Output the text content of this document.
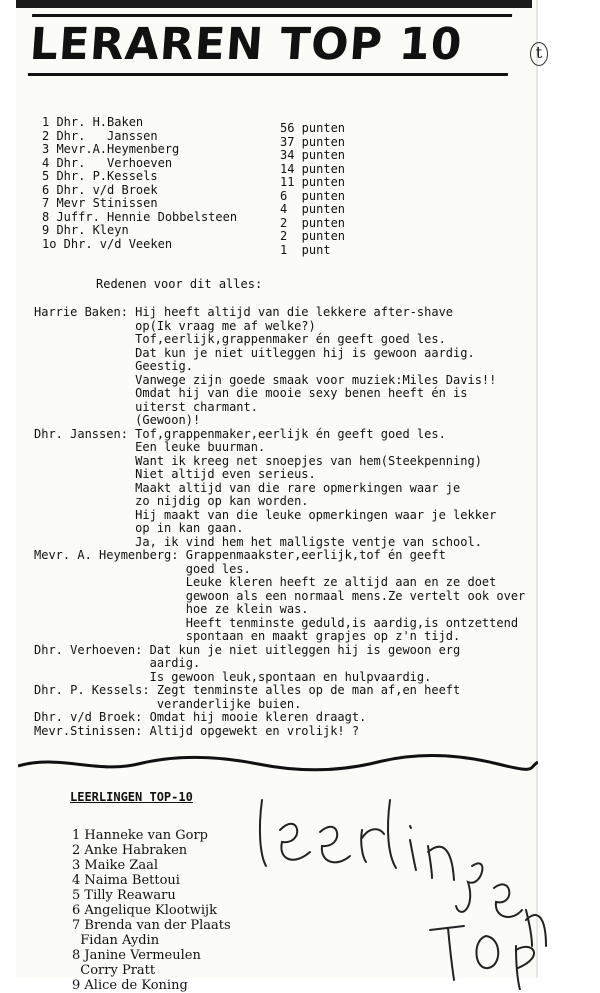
LERAREN TOP 10	t
1 Dhr. H.Baken
2 Dhr.   Janssen
3 Mevr.A.Heymenberg
4 Dhr.   Verhoeven
5 Dhr. P.Kessels
6 Dhr. v/d Broek
7 Mevr Stinissen
8 Juffr. Hennie Dobbelsteen
9 Dhr. Kleyn
1o Dhr. v/d Veeken
56 punten
37 punten
34 punten
14 punten
11 punten
6  punten
4  punten
2  punten
2  punten
1  punt
Redenen voor dit alles:
Harrie Baken: Hij heeft altijd van die lekkere after-shave
op(Ik vraag me af welke?)
Tof,eerlijk,grappenmaker én geeft goed les.
Dat kun je niet uitleggen hij is gewoon aardig.
Geestig.
Vanwege zijn goede smaak voor muziek:Miles Davis!!
Omdat hij van die mooie sexy benen heeft én is
uiterst charmant.
(Gewoon)!
Dhr. Janssen: Tof,grappenmaker,eerlijk én geeft goed les.
Een leuke buurman.
Want ik kreeg net snoepjes van hem(Steekpenning)
Niet altijd even serieus.
Maakt altijd van die rare opmerkingen waar je
zo nijdig op kan worden.
Hij maakt van die leuke opmerkingen waar je lekker
op in kan gaan.
Ja, ik vind hem het malligste ventje van school.
Mevr. A. Heymenberg: Grappenmaakster,eerlijk,tof én geeft
goed les.
Leuke kleren heeft ze altijd aan en ze doet
gewoon als een normaal mens.Ze vertelt ook over
hoe ze klein was.
Heeft tenminste geduld,is aardig,is ontzettend
spontaan en maakt grapjes op z'n tijd.
Dhr. Verhoeven: Dat kun je niet uitleggen hij is gewoon erg
aardig.
Is gewoon leuk,spontaan en hulpvaardig.
Dhr. P. Kessels: Zegt tenminste alles op de man af,en heeft
veranderlijke buien.
Dhr. v/d Broek: Omdat hij mooie kleren draagt.
Mevr.Stinissen: Altijd opgewekt en vrolijk! ?
LEERLINGEN TOP-10
1 Hanneke van Gorp
2 Anke Habraken
3 Maike Zaal
4 Naima Bettoui
5 Tilly Reawaru
6 Angelique Klootwijk
7 Brenda van der Plaats
Fidan Aydin
8 Janine Vermeulen
Corry Pratt
9 Alice de Koning
